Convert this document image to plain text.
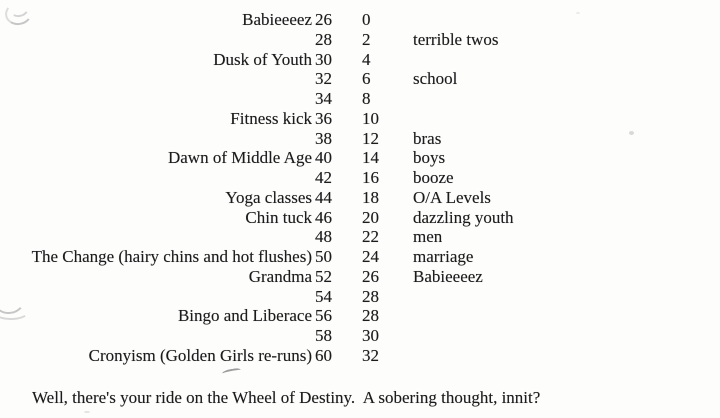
Babieeeez 26	0
28	2	terrible twos
Dusk of Youth 30	4
32	6	school
34	8
Fitness kick 36	10
38	12	bras
Dawn of Middle Age 40	14	boys
42	16	booze
Yoga classes 44	18	O/A Levels
Chin tuck 46	20	dazzling youth
48	22	men
The Change (hairy chins and hot flushes) 50	24	marriage
Grandma 52	26	Babieeeez
54	28
Bingo and Liberace 56	28
58	30
Cronyism (Golden Girls re-runs) 60	32

Well, there's your ride on the Wheel of Destiny.  A sobering thought, innit?
